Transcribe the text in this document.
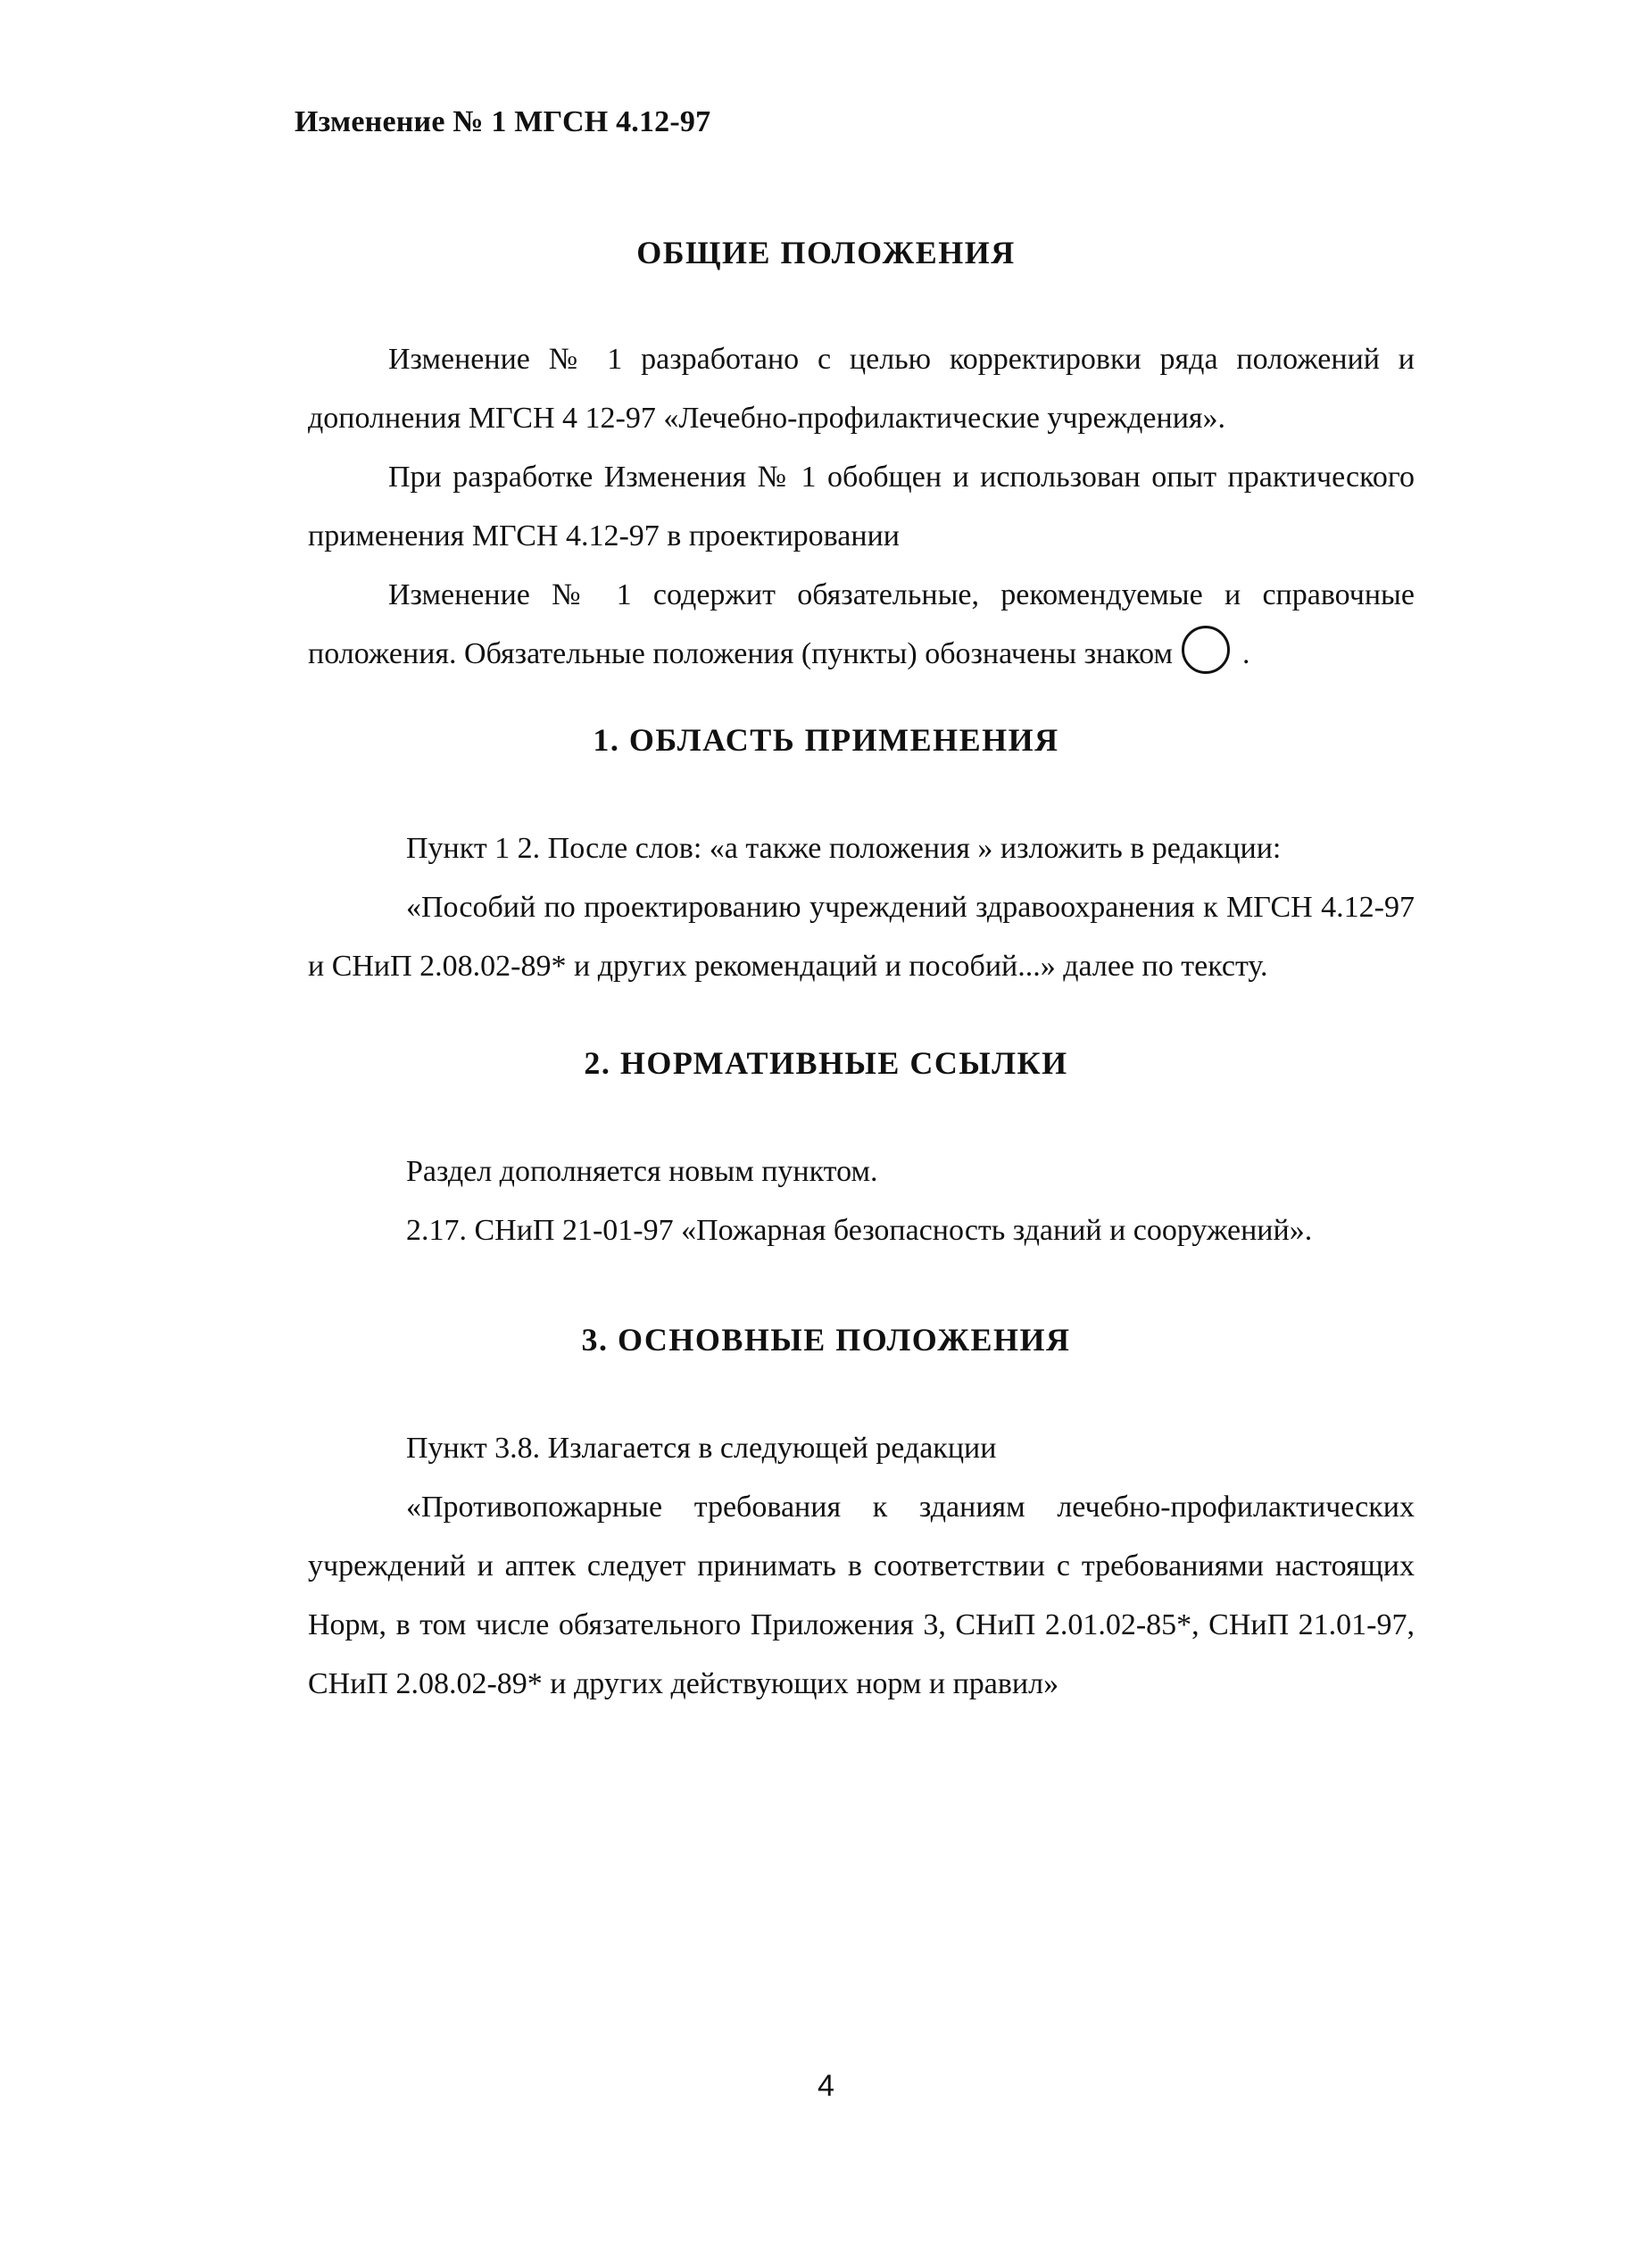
Изменение № 1 МГСН 4.12-97
ОБЩИЕ ПОЛОЖЕНИЯ

Изменение № 1 разработано с целью корректировки ряда положений и дополнения МГСН 4 12-97 «Лечебно-профилактические учреждения».

При разработке Изменения № 1 обобщен и использован опыт практического применения МГСН 4.12-97 в проектировании

Изменение № 1 содержит обязательные, рекомендуемые и справочные положения. Обязательные положения (пункты) обозначены знаком .

1. ОБЛАСТЬ ПРИМЕНЕНИЯ

Пункт 1 2. После слов: «а также положения » изложить в редакции:

«Пособий по проектированию учреждений здравоохранения к МГСН 4.12-97 и СНиП 2.08.02-89* и других рекомендаций и пособий...» далее по тексту.

2. НОРМАТИВНЫЕ ССЫЛКИ

Раздел дополняется новым пунктом.

2.17. СНиП 21-01-97 «Пожарная безопасность зданий и сооружений».

3. ОСНОВНЫЕ ПОЛОЖЕНИЯ

Пункт 3.8. Излагается в следующей редакции

«Противопожарные требования к зданиям лечебно-профилактических учреждений и аптек следует принимать в соответствии с требованиями настоящих Норм, в том числе обязательного Приложения 3, СНиП 2.01.02-85*, СНиП 21.01-97, СНиП 2.08.02-89* и других действующих норм и правил»

4
